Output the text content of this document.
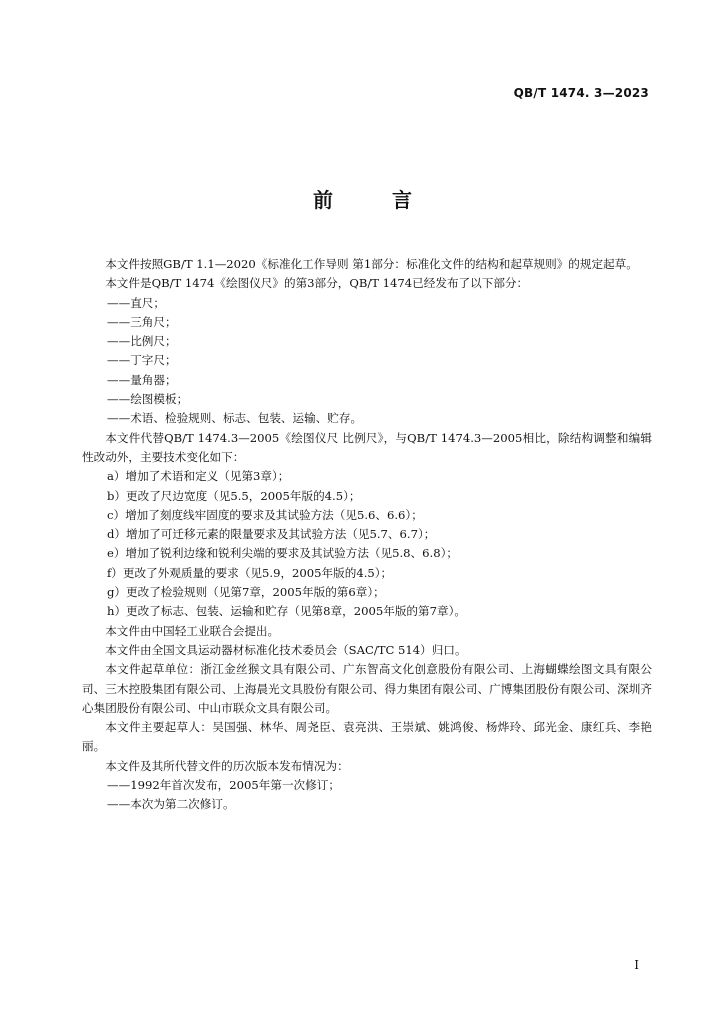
QB/T 1474. 3—2023
前 言

本文件按照GB/T 1.1—2020《标准化工作导则 第1部分：标准化文件的结构和起草规则》的规定起草。

本文件是QB/T 1474《绘图仪尺》的第3部分，QB/T 1474已经发布了以下部分：

——直尺；
——三角尺；
——比例尺；
——丁字尺；
——量角器；
——绘图模板；
——术语、检验规则、标志、包装、运输、贮存。

本文件代替QB/T 1474.3—2005《绘图仪尺 比例尺》，与QB/T 1474.3—2005相比，除结构调整和编辑性改动外，主要技术变化如下：

a）增加了术语和定义（见第3章）；
b）更改了尺边宽度（见5.5，2005年版的4.5）；
c）增加了刻度线牢固度的要求及其试验方法（见5.6、6.6）；
d）增加了可迁移元素的限量要求及其试验方法（见5.7、6.7）；
e）增加了锐利边缘和锐利尖端的要求及其试验方法（见5.8、6.8）；
f）更改了外观质量的要求（见5.9，2005年版的4.5）；
g）更改了检验规则（见第7章，2005年版的第6章）；
h）更改了标志、包装、运输和贮存（见第8章，2005年版的第7章）。

本文件由中国轻工业联合会提出。

本文件由全国文具运动器材标准化技术委员会（SAC/TC 514）归口。

本文件起草单位：浙江金丝猴文具有限公司、广东智高文化创意股份有限公司、上海蝴蝶绘图文具有限公司、三木控股集团有限公司、上海晨光文具股份有限公司、得力集团有限公司、广博集团股份有限公司、深圳齐心集团股份有限公司、中山市联众文具有限公司。

本文件主要起草人：吴国强、林华、周尧臣、袁亮洪、王崇斌、姚鸿俊、杨烨玲、邱光金、康红兵、李艳丽。

本文件及其所代替文件的历次版本发布情况为：

——1992年首次发布，2005年第一次修订；
——本次为第二次修订。
I
